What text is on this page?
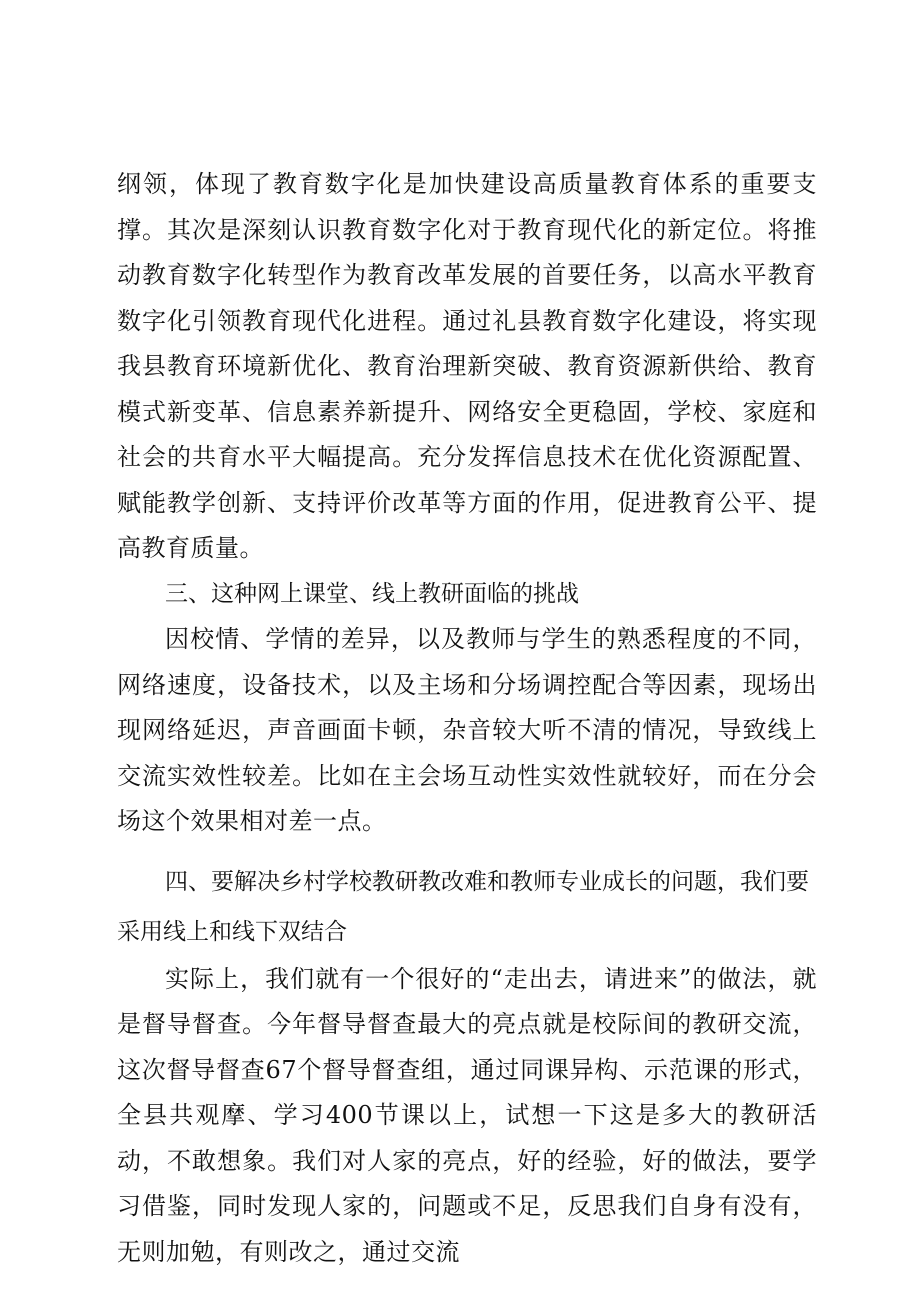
纲领，体现了教育数字化是加快建设高质量教育体系的重要支撑。其次是深刻认识教育数字化对于教育现代化的新定位。将推动教育数字化转型作为教育改革发展的首要任务，以高水平教育数字化引领教育现代化进程。通过礼县教育数字化建设，将实现我县教育环境新优化、教育治理新突破、教育资源新供给、教育模式新变革、信息素养新提升、网络安全更稳固，学校、家庭和社会的共育水平大幅提高。充分发挥信息技术在优化资源配置、赋能教学创新、支持评价改革等方面的作用，促进教育公平、提高教育质量。

三、这种网上课堂、线上教研面临的挑战

因校情、学情的差异，以及教师与学生的熟悉程度的不同，网络速度，设备技术，以及主场和分场调控配合等因素，现场出现网络延迟，声音画面卡顿，杂音较大听不清的情况，导致线上交流实效性较差。比如在主会场互动性实效性就较好，而在分会场这个效果相对差一点。

四、要解决乡村学校教研教改难和教师专业成长的问题，我们要采用线上和线下双结合

实际上，我们就有一个很好的“走出去，请进来”的做法，就是督导督查。今年督导督查最大的亮点就是校际间的教研交流，这次督导督查67个督导督查组，通过同课异构、示范课的形式，全县共观摩、学习400节课以上，试想一下这是多大的教研活动，不敢想象。我们对人家的亮点，好的经验，好的做法，要学习借鉴，同时发现人家的，问题或不足，反思我们自身有没有，无则加勉，有则改之，通过交流
